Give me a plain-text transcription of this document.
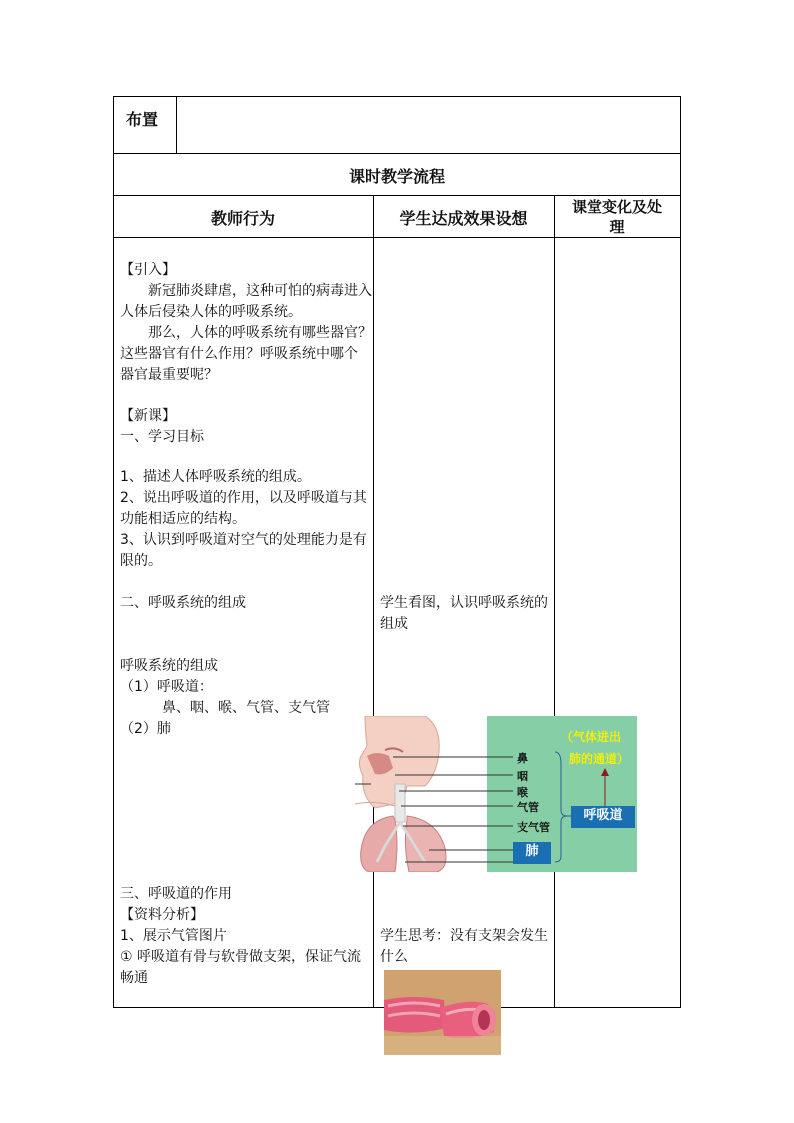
布置
课时教学流程
教师行为	学生达成效果设想
课堂变化及处
理
【引入】
　　新冠肺炎肆虐，这种可怕的病毒进入
人体后侵染人体的呼吸系统。
　　那么，人体的呼吸系统有哪些器官？
这些器官有什么作用？呼吸系统中哪个
器官最重要呢？
【新课】
一、学习目标
1、描述人体呼吸系统的组成。
2、说出呼吸道的作用，以及呼吸道与其
功能相适应的结构。
3、认识到呼吸道对空气的处理能力是有
限的。
二、呼吸系统的组成
呼吸系统的组成
（1）呼吸道：
　　　鼻、咽、喉、气管、支气管
（2）肺
三、呼吸道的作用
【资料分析】
1、展示气管图片
① 呼吸道有骨与软骨做支架，保证气流
畅通
学生看图，认识呼吸系统的
组成
学生思考：没有支架会发生
什么
鼻
咽
喉
气管
支气管
肺
呼吸道
（气体进出
肺的通道）
